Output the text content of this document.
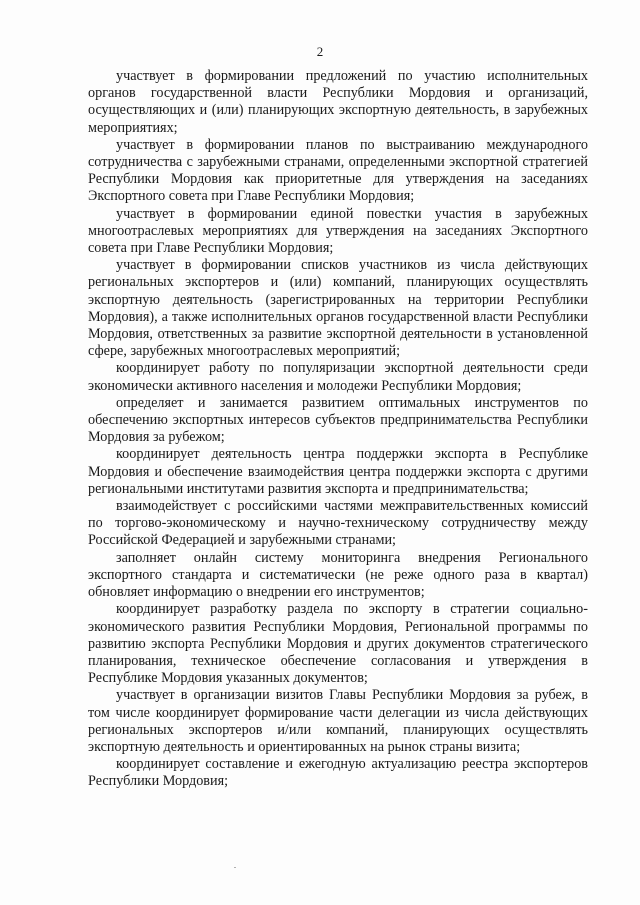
2

участвует в формировании предложений по участию исполнительных органов государственной власти Республики Мордовия и организаций, осуществляющих и (или) планирующих экспортную деятельность, в зарубежных мероприятиях;

участвует в формировании планов по выстраиванию международного сотрудничества с зарубежными странами, определенными экспортной стратегией Республики Мордовия как приоритетные для утверждения на заседаниях Экспортного совета при Главе Республики Мордовия;

участвует в формировании единой повестки участия в зарубежных многоотраслевых мероприятиях для утверждения на заседаниях Экспортного совета при Главе Республики Мордовия;

участвует в формировании списков участников из числа действующих региональных экспортеров и (или) компаний, планирующих осуществлять экспортную деятельность (зарегистрированных на территории Республики Мордовия), а также исполнительных органов государственной власти Республики Мордовия, ответственных за развитие экспортной деятельности в установленной сфере, зарубежных многоотраслевых мероприятий;

координирует работу по популяризации экспортной деятельности среди экономически активного населения и молодежи Республики Мордовия;

определяет и занимается развитием оптимальных инструментов по обеспечению экспортных интересов субъектов предпринимательства Республики Мордовия за рубежом;

координирует деятельность центра поддержки экспорта в Республике Мордовия и обеспечение взаимодействия центра поддержки экспорта с другими региональными институтами развития экспорта и предпринимательства;

взаимодействует с российскими частями межправительственных комиссий по торгово-экономическому и научно-техническому сотрудничеству между Российской Федерацией и зарубежными странами;

заполняет онлайн систему мониторинга внедрения Регионального экспортного стандарта и систематически (не реже одного раза в квартал) обновляет информацию о внедрении его инструментов;

координирует разработку раздела по экспорту в стратегии социально-экономического развития Республики Мордовия, Региональной программы по развитию экспорта Республики Мордовия и других документов стратегического планирования, техническое обеспечение согласования и утверждения в Республике Мордовия указанных документов;

участвует в организации визитов Главы Республики Мордовия за рубеж, в том числе координирует формирование части делегации из числа действующих региональных экспортеров и/или компаний, планирующих осуществлять экспортную деятельность и ориентированных на рынок страны визита;

координирует составление и ежегодную актуализацию реестра экспортеров Республики Мордовия;
